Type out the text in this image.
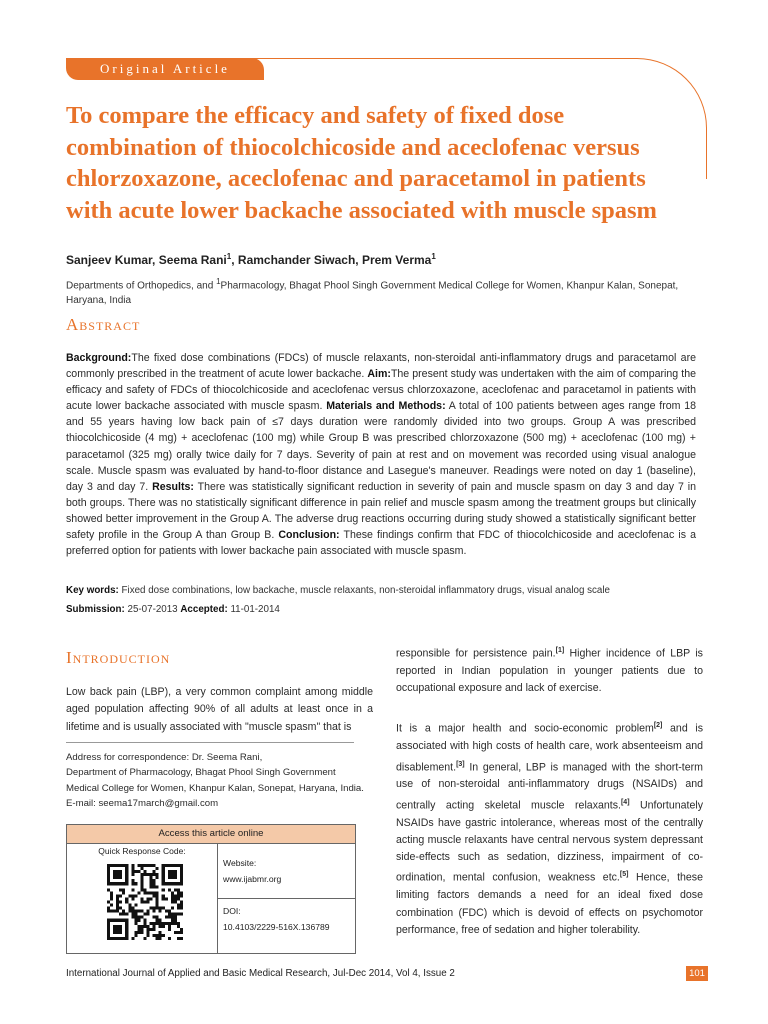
Original Article
To compare the efficacy and safety of fixed dose combination of thiocolchicoside and aceclofenac versus chlorzoxazone, aceclofenac and paracetamol in patients with acute lower backache associated with muscle spasm
Sanjeev Kumar, Seema Rani$^1$, Ramchander Siwach, Prem Verma$^1$
Departments of Orthopedics, and $^1$Pharmacology, Bhagat Phool Singh Government Medical College for Women, Khanpur Kalan, Sonepat, Haryana, India
Abstract

Background:The fixed dose combinations (FDCs) of muscle relaxants, non-steroidal anti-inflammatory drugs and paracetamol are commonly prescribed in the treatment of acute lower backache. Aim:The present study was undertaken with the aim of comparing the efficacy and safety of FDCs of thiocolchicoside and aceclofenac versus chlorzoxazone, aceclofenac and paracetamol in patients with acute lower backache associated with muscle spasm. Materials and Methods: A total of 100 patients between ages range from 18 and 55 years having low back pain of ≤7 days duration were randomly divided into two groups. Group A was prescribed thiocolchicoside (4 mg) + aceclofenac (100 mg) while Group B was prescribed chlorzoxazone (500 mg) + aceclofenac (100 mg) + paracetamol (325 mg) orally twice daily for 7 days. Severity of pain at rest and on movement was recorded using visual analogue scale. Muscle spasm was evaluated by hand-to-floor distance and Lasegue's maneuver. Readings were noted on day 1 (baseline), day 3 and day 7. Results: There was statistically significant reduction in severity of pain and muscle spasm on day 3 and day 7 in both groups. There was no statistically significant difference in pain relief and muscle spasm among the treatment groups but clinically showed better improvement in the Group A. The adverse drug reactions occurring during study showed a statistically significant better safety profile in the Group A than Group B. Conclusion: These findings confirm that FDC of thiocolchicoside and aceclofenac is a preferred option for patients with lower backache pain associated with muscle spasm.

Key words: Fixed dose combinations, low backache, muscle relaxants, non-steroidal inflammatory drugs, visual analog scale
Submission: 25-07-2013 Accepted: 11-01-2014
Introduction

Low back pain (LBP), a very common complaint among middle aged population affecting 90% of all adults at least once in a lifetime and is usually associated with "muscle spasm" that is

Address for correspondence: Dr. Seema Rani,
Department of Pharmacology, Bhagat Phool Singh Government
Medical College for Women, Khanpur Kalan, Sonepat, Haryana, India.
E-mail: seema17march@gmail.com
Access this article online
Quick Response Code:
Website:
www.ijabmr.org
DOI:
10.4103/2229-516X.136789

responsible for persistence pain.[1] Higher incidence of LBP is reported in Indian population in younger patients due to occupational exposure and lack of exercise.

It is a major health and socio-economic problem[2] and is associated with high costs of health care, work absenteeism and disablement.[3] In general, LBP is managed with the short-term use of non-steroidal anti-inflammatory drugs (NSAIDs) and centrally acting skeletal muscle relaxants.[4] Unfortunately NSAIDs have gastric intolerance, whereas most of the centrally acting muscle relaxants have central nervous system depressant side-effects such as sedation, dizziness, impairment of co-ordination, mental confusion, weakness etc.[5] Hence, these limiting factors demands a need for an ideal fixed dose combination (FDC) which is devoid of effects on psychomotor performance, free of sedation and higher tolerability.

International Journal of Applied and Basic Medical Research, Jul-Dec 2014, Vol 4, Issue 2	101
